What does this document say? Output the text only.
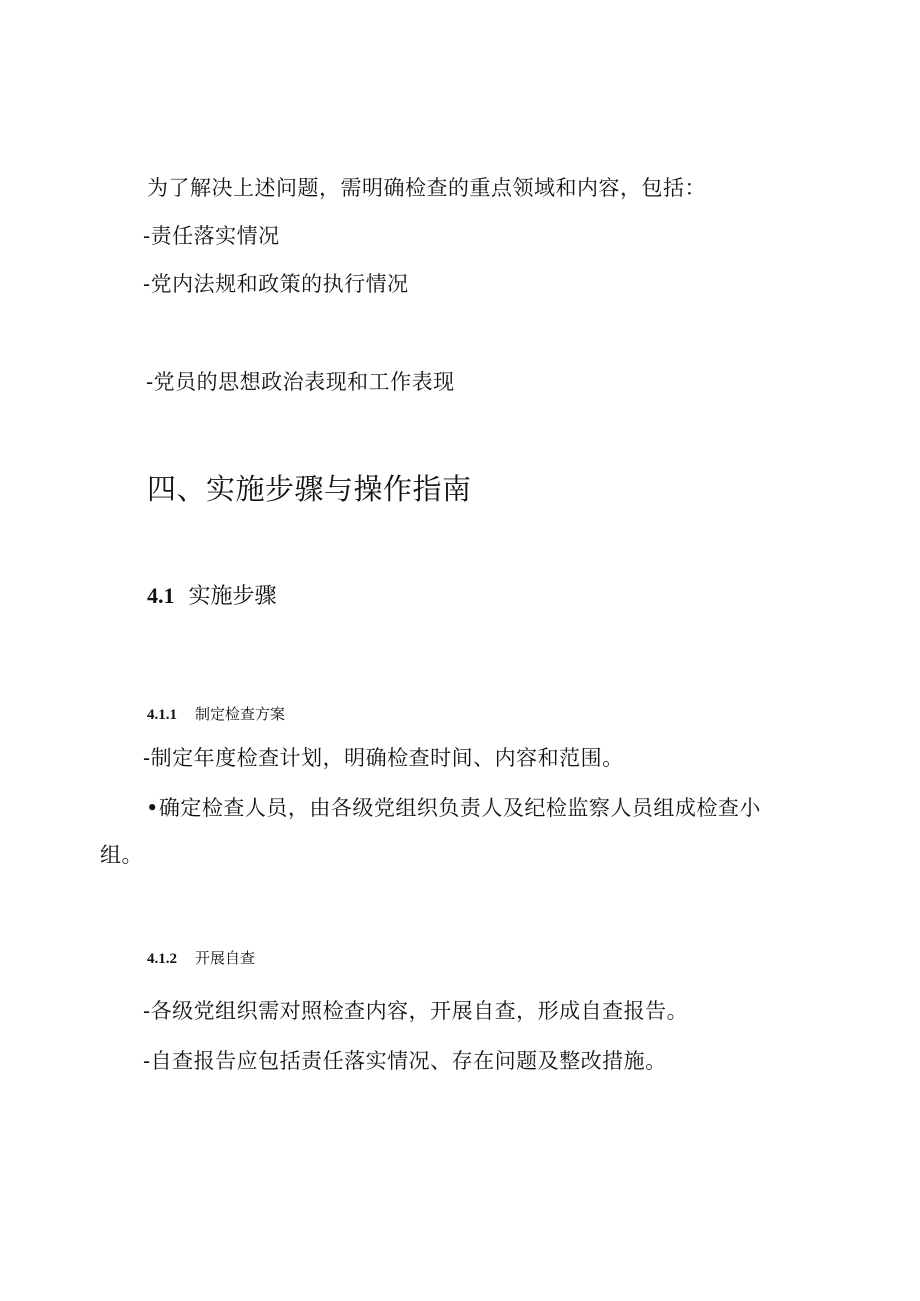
为了解决上述问题，需明确检查的重点领域和内容，包括：
-责任落实情况
-党内法规和政策的执行情况
-党员的思想政治表现和工作表现
四、实施步骤与操作指南
4.1 实施步骤
4.1.1 制定检查方案
-制定年度检查计划，明确检查时间、内容和范围。
•确定检查人员，由各级党组织负责人及纪检监察人员组成检查小
组。
4.1.2 开展自查
-各级党组织需对照检查内容，开展自查，形成自查报告。
-自查报告应包括责任落实情况、存在问题及整改措施。
